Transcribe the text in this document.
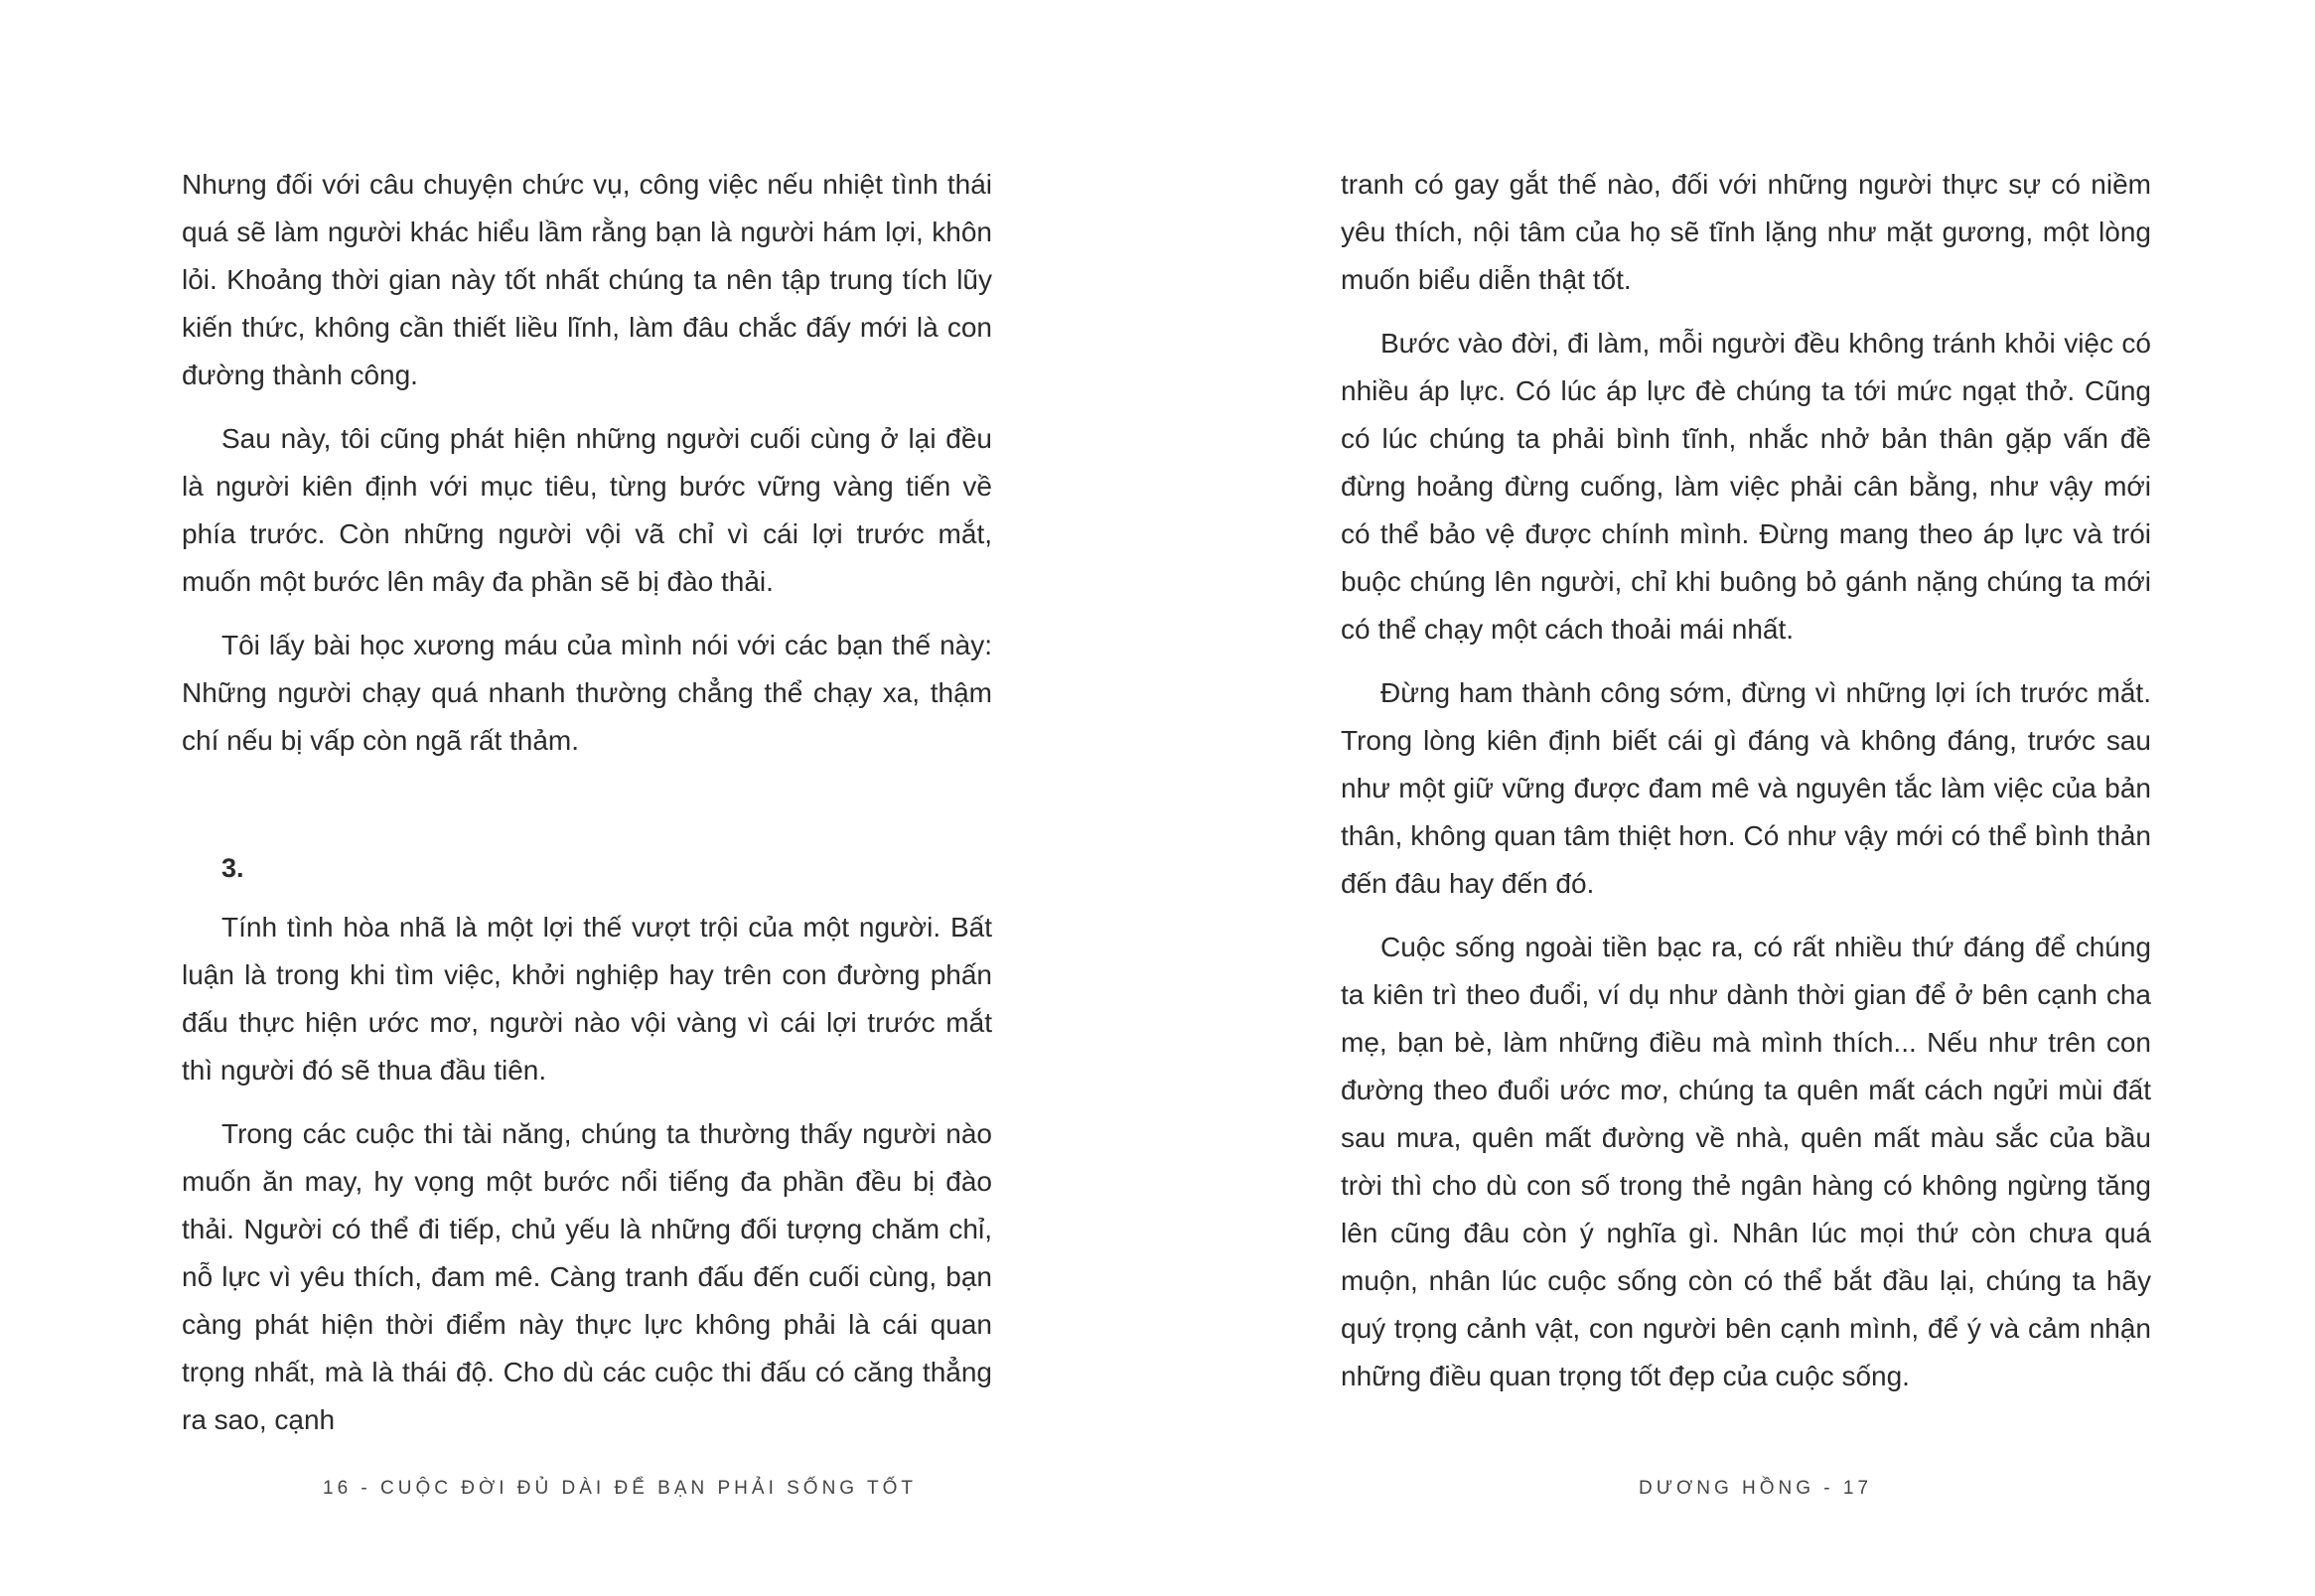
Nhưng đối với câu chuyện chức vụ, công việc nếu nhiệt tình thái quá sẽ làm người khác hiểu lầm rằng bạn là người hám lợi, khôn lỏi. Khoảng thời gian này tốt nhất chúng ta nên tập trung tích lũy kiến thức, không cần thiết liều lĩnh, làm đâu chắc đấy mới là con đường thành công.

Sau này, tôi cũng phát hiện những người cuối cùng ở lại đều là người kiên định với mục tiêu, từng bước vững vàng tiến về phía trước. Còn những người vội vã chỉ vì cái lợi trước mắt, muốn một bước lên mây đa phần sẽ bị đào thải.

Tôi lấy bài học xương máu của mình nói với các bạn thế này: Những người chạy quá nhanh thường chẳng thể chạy xa, thậm chí nếu bị vấp còn ngã rất thảm.

3.

Tính tình hòa nhã là một lợi thế vượt trội của một người. Bất luận là trong khi tìm việc, khởi nghiệp hay trên con đường phấn đấu thực hiện ước mơ, người nào vội vàng vì cái lợi trước mắt thì người đó sẽ thua đầu tiên.

Trong các cuộc thi tài năng, chúng ta thường thấy người nào muốn ăn may, hy vọng một bước nổi tiếng đa phần đều bị đào thải. Người có thể đi tiếp, chủ yếu là những đối tượng chăm chỉ, nỗ lực vì yêu thích, đam mê. Càng tranh đấu đến cuối cùng, bạn càng phát hiện thời điểm này thực lực không phải là cái quan trọng nhất, mà là thái độ. Cho dù các cuộc thi đấu có căng thẳng ra sao, cạnh

16 - CUỘC ĐỜI ĐỦ DÀI ĐỂ BẠN PHẢI SỐNG TỐT

tranh có gay gắt thế nào, đối với những người thực sự có niềm yêu thích, nội tâm của họ sẽ tĩnh lặng như mặt gương, một lòng muốn biểu diễn thật tốt.

Bước vào đời, đi làm, mỗi người đều không tránh khỏi việc có nhiều áp lực. Có lúc áp lực đè chúng ta tới mức ngạt thở. Cũng có lúc chúng ta phải bình tĩnh, nhắc nhở bản thân gặp vấn đề đừng hoảng đừng cuống, làm việc phải cân bằng, như vậy mới có thể bảo vệ được chính mình. Đừng mang theo áp lực và trói buộc chúng lên người, chỉ khi buông bỏ gánh nặng chúng ta mới có thể chạy một cách thoải mái nhất.

Đừng ham thành công sớm, đừng vì những lợi ích trước mắt. Trong lòng kiên định biết cái gì đáng và không đáng, trước sau như một giữ vững được đam mê và nguyên tắc làm việc của bản thân, không quan tâm thiệt hơn. Có như vậy mới có thể bình thản đến đâu hay đến đó.

Cuộc sống ngoài tiền bạc ra, có rất nhiều thứ đáng để chúng ta kiên trì theo đuổi, ví dụ như dành thời gian để ở bên cạnh cha mẹ, bạn bè, làm những điều mà mình thích... Nếu như trên con đường theo đuổi ước mơ, chúng ta quên mất cách ngửi mùi đất sau mưa, quên mất đường về nhà, quên mất màu sắc của bầu trời thì cho dù con số trong thẻ ngân hàng có không ngừng tăng lên cũng đâu còn ý nghĩa gì. Nhân lúc mọi thứ còn chưa quá muộn, nhân lúc cuộc sống còn có thể bắt đầu lại, chúng ta hãy quý trọng cảnh vật, con người bên cạnh mình, để ý và cảm nhận những điều quan trọng tốt đẹp của cuộc sống.

DƯƠNG HỒNG - 17
